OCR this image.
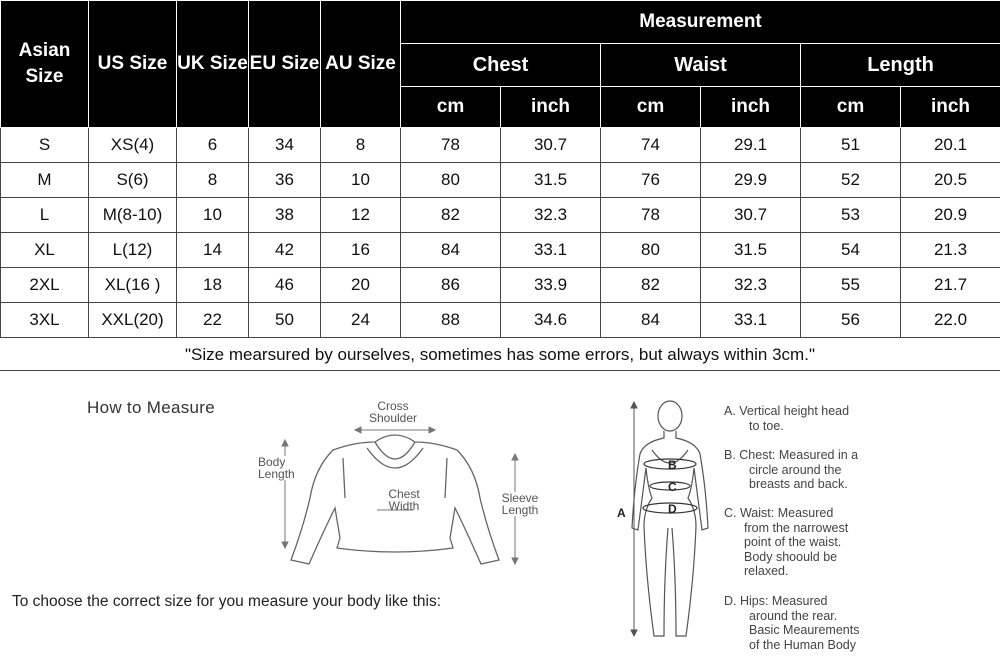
Asian Size	US Size	UK Size	EU Size	AU Size	Measurement					
					Chest		Waist		Length	
					cm	inch	cm	inch	cm	inch
S	XS(4)	6	34	8	78	30.7	74	29.1	51	20.1
M	S(6)	8	36	10	80	31.5	76	29.9	52	20.5
L	M(8-10)	10	38	12	82	32.3	78	30.7	53	20.9
XL	L(12)	14	42	16	84	33.1	80	31.5	54	21.3
2XL	XL(16 )	18	46	20	86	33.9	82	32.3	55	21.7
3XL	XXL(20)	22	50	24	88	34.6	84	33.1	56	22.0
"Size mearsured by ourselves, sometimes has some errors, but always within 3cm."
How to Measure	Cross
Shoulder
Body
Length
Chest
Width
Sleeve
Length
To choose the correct size for you measure your body like this:
A
B
C
D
A. Vertical height head
to toe.
B. Chest: Measured in a
circle around the
breasts and back.
C. Waist: Measured
from the narrowest
point of the waist.
Body shoould be
relaxed.
D. Hips: Measured
around the rear.
Basic Meaurements
of the Human Body
